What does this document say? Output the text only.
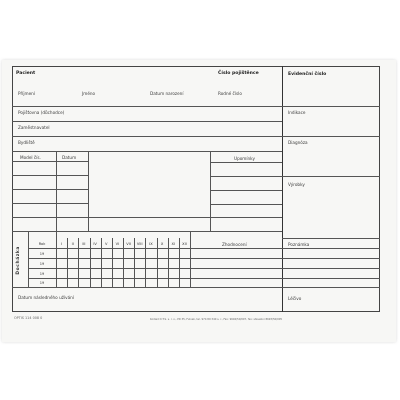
Pacient	Číslo pojištěnce
Příjmení	Jméno	Datum narození	Rodné číslo
Pojišťovna (důchodce)
Zaměstnavatel
Bydliště
Model čís.	Datum	Upomínky
Docházka
Rok	I	II	III	IV	V	VI	VII	VIII	IX	X	XI	XII	Zhodnocení
19
19
19
19
Datum následného užívání
Evidenční číslo
Indikace
Diagnóza
Výrobky
Poznámka
Léčivo
OPTIS 114 008 0	Kodiad D.T.S. s. r. o., PR 35, Fulnek, tel. 974 89 340 s. r., Fax: 9694/50/007, fax: stavebni 8693/50/005
